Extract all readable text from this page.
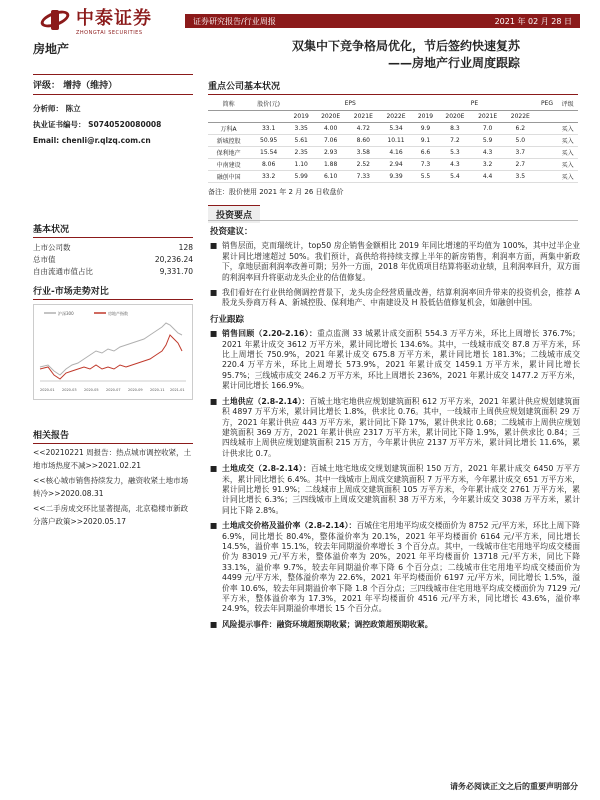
中泰证券
ZHONGTAI SECURITIES
证券研究报告/行业周报	2021 年 02 月 28 日
房地产	双集中下竞争格局优化，节后签约快速复苏
——房地产行业周度跟踪
评级： 增持（维持）
分析师： 陈立
执业证书编号： S0740520080008
Email: chenli@r.qlzq.com.cn
基本状况
上市公司数	128
总市值	20,236.24
自由流通市值占比	9,331.70
行业-市场走势对比
沪深300	房地产指数
2020-01 2020-03 2020-05 2020-07 2020-09 2020-11 2021-01
相关报告
<<20210221 周报告：热点城市调控收紧，土地市场热度不减>>2021.02.21
<<核心城市销售持续发力，融资收紧土地市场转冷>>2020.08.31
<<二手房成交环比显著提高，北京稳楼市新政分落户政策>>2020.05.17
重点公司基本状况
简称	股价(元)	EPS				PE				PEG	评级
		2019	2020E	2021E	2022E	2019	2020E	2021E	2022E		
万科A	33.1	3.35	4.00	4.72	5.34	9.9	8.3	7.0	6.2		买入
新城控股	50.95	5.61	7.06	8.60	10.11	9.1	7.2	5.9	5.0		买入
保利地产	15.54	2.35	2.93	3.58	4.16	6.6	5.3	4.3	3.7		买入
中南建设	8.06	1.10	1.88	2.52	2.94	7.3	4.3	3.2	2.7		买入
融创中国	33.2	5.99	6.10	7.33	9.39	5.5	5.4	4.4	3.5		买入
备注：股价使用 2021 年 2 月 26 日收盘价
投资要点
投资建议：
■ 销售层面，克而瑞统计，top50 房企销售金额相比 2019 年同比增速的平均值为 100%，其中过半企业累计同比增速超过 50%。我们预计，高供给将持续支撑上半年的新房销售，利润率方面，两集中新政下，拿地层面利润率改善可期；另外一方面，2018 年优质项目结算将驱动业绩，且利润率回升，双方面的利润率回升将驱动龙头企业的估值修复。
■ 我们看好在行业供给侧调控背景下，龙头房企经营质量改善，结算利润率回升带来的投资机会，推荐 A 股龙头券商万科 A、新城控股、保利地产、中南建设及 H 股低估值修复机会，如融创中国。
行业跟踪
■ 销售回顾（2.20-2.16）：重点监测 33 城累计成交面积 554.3 万平方米，环比上周增长 376.7%；2021 年累计成交 3612 万平方米，累计同比增长 134.6%。其中，一线城市成交 87.8 万平方米，环比上周增长 750.9%，2021 年累计成交 675.8 万平方米，累计同比增长 181.3%；二线城市成交 220.4 万平方米，环比上周增长 573.9%，2021 年累计成交 1459.1 万平方米，累计同比增长 95.7%；三线城市成交 246.2 万平方米，环比上周增长 236%，2021 年累计成交 1477.2 万平方米，累计同比增长 166.9%。
■ 土地供应（2.8-2.14）：百城土地宅地供应规划建筑面积 612 万平方米，2021 年累计供应规划建筑面积 4897 万平方米，累计同比增长 1.8%，供求比 0.76。其中，一线城市上周供应规划建筑面积 29 万方，2021 年累计供应 443 万平方米，累计同比下降 17%，累计供求比 0.68；二线城市上周供应规划建筑面积 369 万方，2021 年累计供应 2317 万平方米，累计同比下降 1.9%，累计供求比 0.84；三四线城市上周供应规划建筑面积 215 万方，今年累计供应 2137 万平方米，累计同比增长 11.6%，累计供求比 0.7。
■ 土地成交（2.8-2.14）：百城土地宅地成交规划建筑面积 150 万方，2021 年累计成交 6450 万平方米，累计同比增长 6.4%。其中一线城市上周成交建筑面积 7 万平方米，今年累计成交 651 万平方米，累计同比增长 91.9%；二线城市上周成交建筑面积 105 万平方米，今年累计成交 2761 万平方米，累计同比增长 6.3%；三四线城市上周成交建筑面积 38 万平方米，今年累计成交 3038 万平方米，累计同比下降 2.8%。
■ 土地成交价格及溢价率（2.8-2.14）：百城住宅用地平均成交楼面价为 8752 元/平方米，环比上周下降 6.9%，同比增长 80.4%，整体溢价率为 20.1%，2021 年平均楼面价 6164 元/平方米，同比增长 14.5%，溢价率 15.1%，较去年同期溢价率增长 3 个百分点。其中，一线城市住宅用地平均成交楼面价为 83019 元/平方米，整体溢价率为 20%，2021 年平均楼面价 13718 元/平方米，同比下降 33.1%，溢价率 9.7%，较去年同期溢价率下降 6 个百分点；二线城市住宅用地平均成交楼面价为 4499 元/平方米，整体溢价率为 22.6%，2021 年平均楼面价 6197 元/平方米，同比增长 1.5%，溢价率 10.6%，较去年同期溢价率下降 1.8 个百分点；三四线城市住宅用地平均成交楼面价为 7129 元/平方米，整体溢价率为 17.3%，2021 年平均楼面价 4516 元/平方米，同比增长 43.6%，溢价率 24.9%，较去年同期溢价率增长 15 个百分点。
■ 风险提示事件：融资环境超预期收紧；调控政策超预期收紧。
请务必阅读正文之后的重要声明部分
